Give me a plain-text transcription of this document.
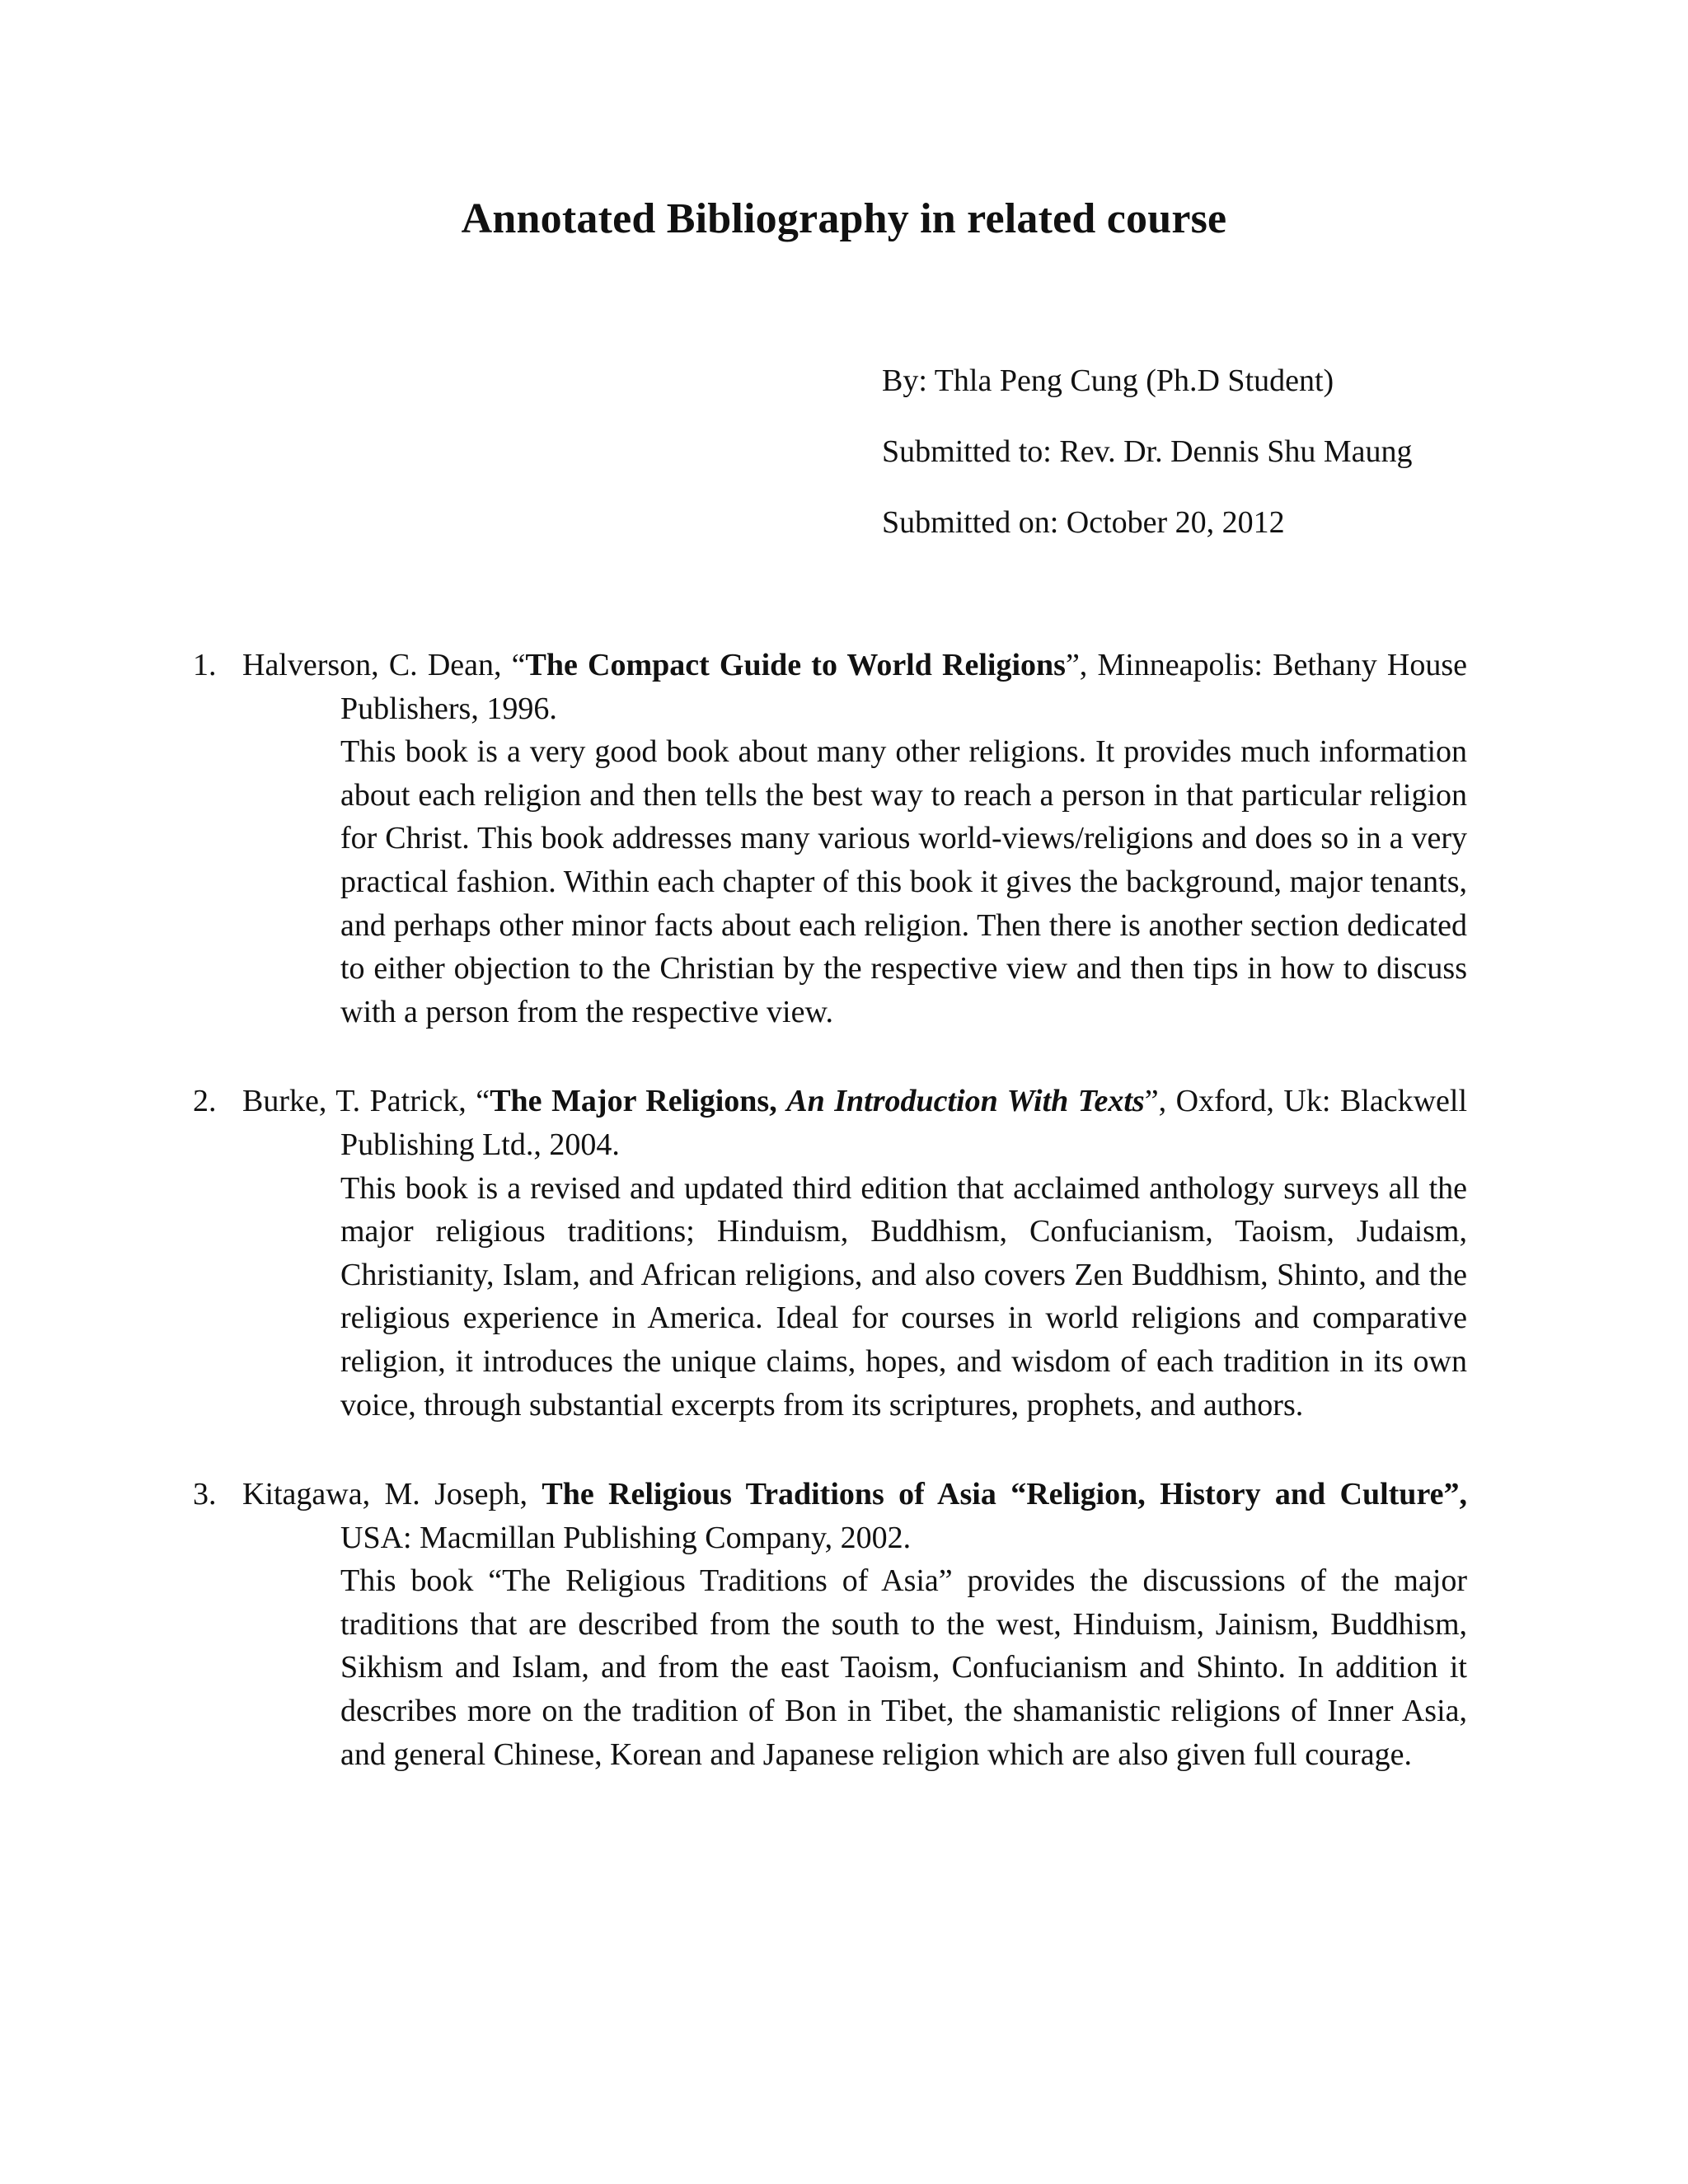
Annotated Bibliography in related course
By: Thla Peng Cung (Ph.D Student)
Submitted to: Rev. Dr. Dennis Shu Maung
Submitted on: October 20, 2012
1. Halverson, C. Dean, “The Compact Guide to World Religions”, Minneapolis: Bethany House Publishers, 1996.

This book is a very good book about many other religions. It provides much information about each religion and then tells the best way to reach a person in that particular religion for Christ. This book addresses many various world-views/religions and does so in a very practical fashion. Within each chapter of this book it gives the background, major tenants, and perhaps other minor facts about each religion. Then there is another section dedicated to either objection to the Christian by the respective view and then tips in how to discuss with a person from the respective view.

2. Burke, T. Patrick, “The Major Religions, An Introduction With Texts”, Oxford, Uk: Blackwell Publishing Ltd., 2004.

This book is a revised and updated third edition that acclaimed anthology surveys all the major religious traditions; Hinduism, Buddhism, Confucianism, Taoism, Judaism, Christianity, Islam, and African religions, and also covers Zen Buddhism, Shinto, and the religious experience in America. Ideal for courses in world religions and comparative religion, it introduces the unique claims, hopes, and wisdom of each tradition in its own voice, through substantial excerpts from its scriptures, prophets, and authors.

3. Kitagawa, M. Joseph, The Religious Traditions of Asia “Religion, History and Culture”, USA: Macmillan Publishing Company, 2002.

This book “The Religious Traditions of Asia” provides the discussions of the major traditions that are described from the south to the west, Hinduism, Jainism, Buddhism, Sikhism and Islam, and from the east Taoism, Confucianism and Shinto. In addition it describes more on the tradition of Bon in Tibet, the shamanistic religions of Inner Asia, and general Chinese, Korean and Japanese religion which are also given full courage.
